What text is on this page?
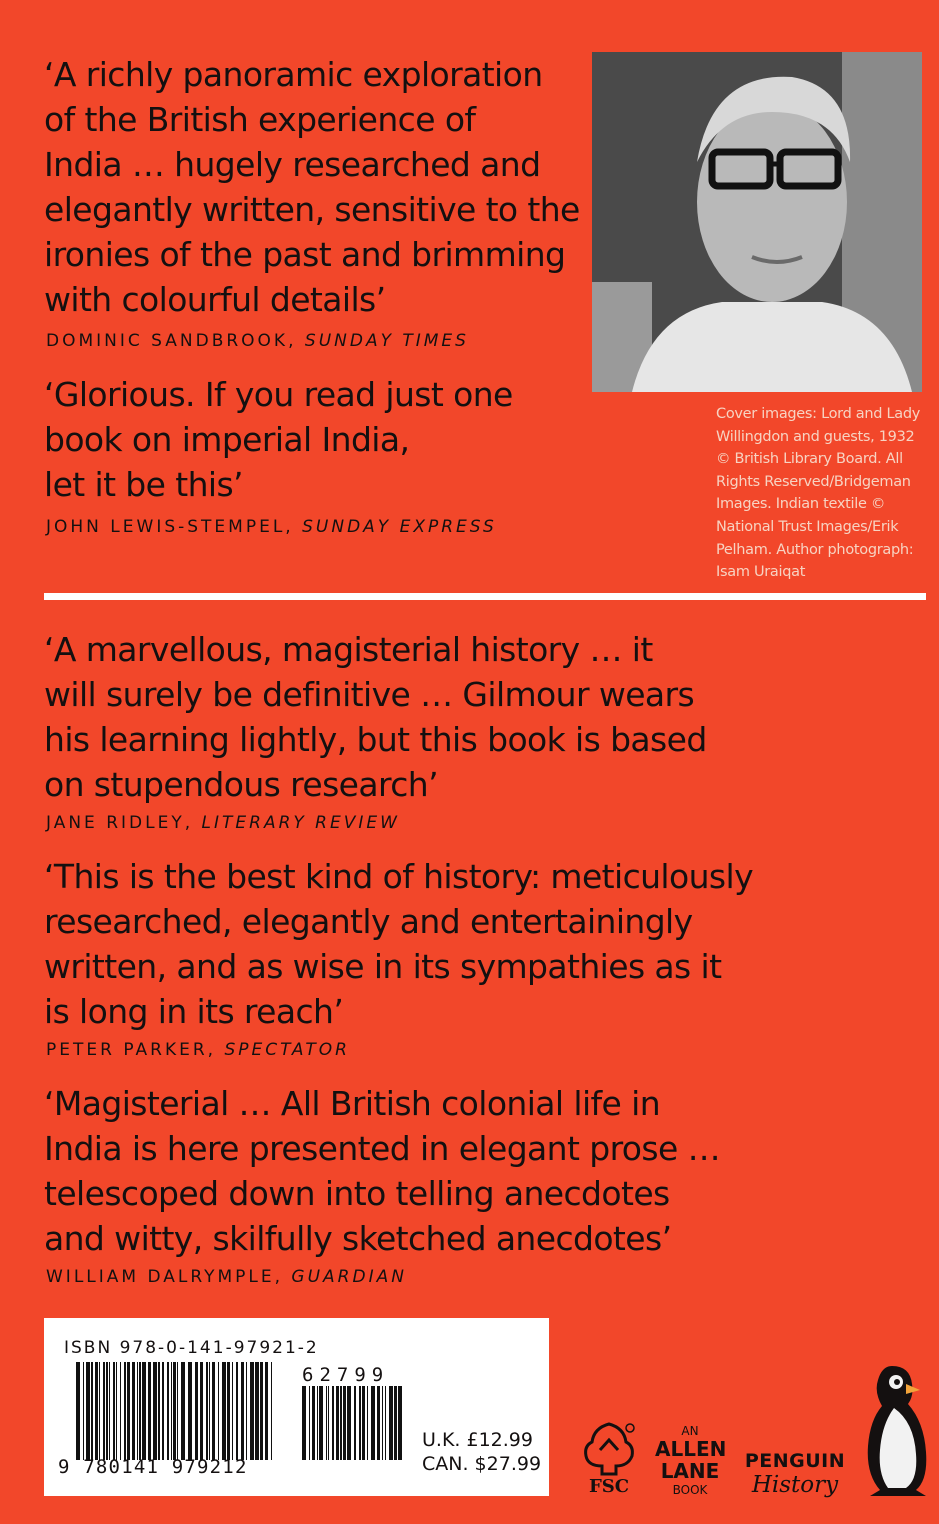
‘A richly panoramic exploration
of the British experience of
India … hugely researched and
elegantly written, sensitive to the
ironies of the past and brimming
with colourful details’

DOMINIC SANDBROOK, SUNDAY TIMES

‘Glorious. If you read just one
book on imperial India,
let it be this’

JOHN LEWIS-STEMPEL, SUNDAY EXPRESS

Cover images: Lord and Lady
Willingdon and guests, 1932
© British Library Board. All
Rights Reserved/Bridgeman
Images. Indian textile ©
National Trust Images/Erik
Pelham. Author photograph:
Isam Uraiqat

‘A marvellous, magisterial history … it
will surely be definitive … Gilmour wears
his learning lightly, but this book is based
on stupendous research’

JANE RIDLEY, LITERARY REVIEW

‘This is the best kind of history: meticulously
researched, elegantly and entertainingly
written, and as wise in its sympathies as it
is long in its reach’

PETER PARKER, SPECTATOR

‘Magisterial … All British colonial life in
India is here presented in elegant prose …
telescoped down into telling anecdotes
and witty, skilfully sketched anecdotes’

WILLIAM DALRYMPLE, GUARDIAN

ISBN 978-0-141-97921-2
62799
9 780141 979212
U.K. £12.99
CAN. $27.99
FSC
AN
ALLEN
LANE
BOOK
PENGUIN
History
